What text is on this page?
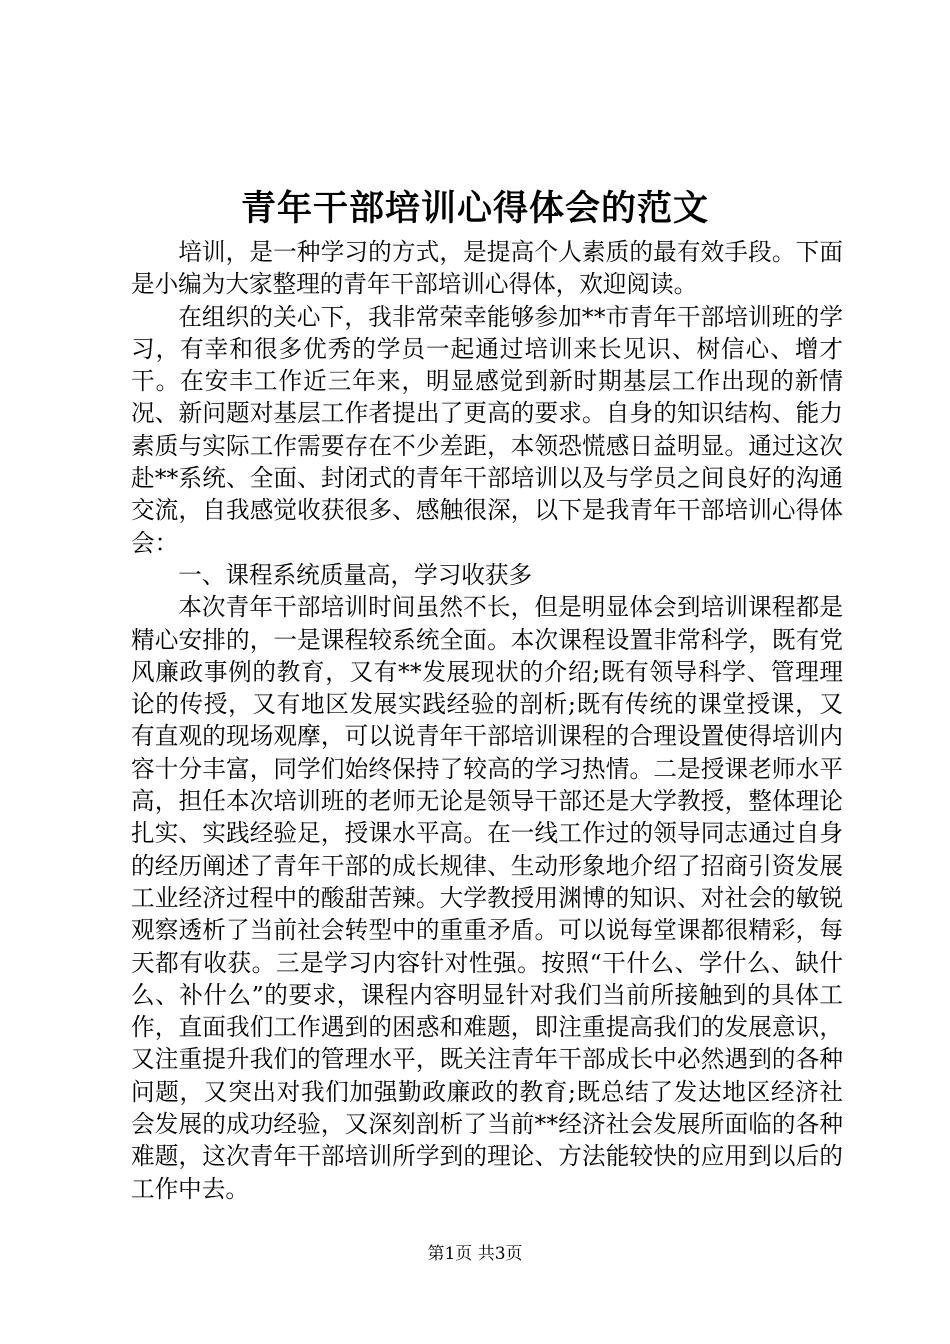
青年干部培训心得体会的范文

培训，是一种学习的方式，是提高个人素质的最有效手段。下面是小编为大家整理的青年干部培训心得体，欢迎阅读。

在组织的关心下，我非常荣幸能够参加**市青年干部培训班的学习，有幸和很多优秀的学员一起通过培训来长见识、树信心、增才干。在安丰工作近三年来，明显感觉到新时期基层工作出现的新情况、新问题对基层工作者提出了更高的要求。自身的知识结构、能力素质与实际工作需要存在不少差距，本领恐慌感日益明显。通过这次赴**系统、全面、封闭式的青年干部培训以及与学员之间良好的沟通交流，自我感觉收获很多、感触很深，以下是我青年干部培训心得体会：

一、课程系统质量高，学习收获多

本次青年干部培训时间虽然不长，但是明显体会到培训课程都是精心安排的，一是课程较系统全面。本次课程设置非常科学，既有党风廉政事例的教育，又有**发展现状的介绍;既有领导科学、管理理论的传授，又有地区发展实践经验的剖析;既有传统的课堂授课，又有直观的现场观摩，可以说青年干部培训课程的合理设置使得培训内容十分丰富，同学们始终保持了较高的学习热情。二是授课老师水平高，担任本次培训班的老师无论是领导干部还是大学教授，整体理论扎实、实践经验足，授课水平高。在一线工作过的领导同志通过自身的经历阐述了青年干部的成长规律、生动形象地介绍了招商引资发展工业经济过程中的酸甜苦辣。大学教授用渊博的知识、对社会的敏锐观察透析了当前社会转型中的重重矛盾。可以说每堂课都很精彩，每天都有收获。三是学习内容针对性强。按照“干什么、学什么、缺什么、补什么”的要求，课程内容明显针对我们当前所接触到的具体工作，直面我们工作遇到的困惑和难题，即注重提高我们的发展意识，又注重提升我们的管理水平，既关注青年干部成长中必然遇到的各种问题，又突出对我们加强勤政廉政的教育;既总结了发达地区经济社会发展的成功经验，又深刻剖析了当前**经济社会发展所面临的各种难题，这次青年干部培训所学到的理论、方法能较快的应用到以后的工作中去。

第1页 共3页
